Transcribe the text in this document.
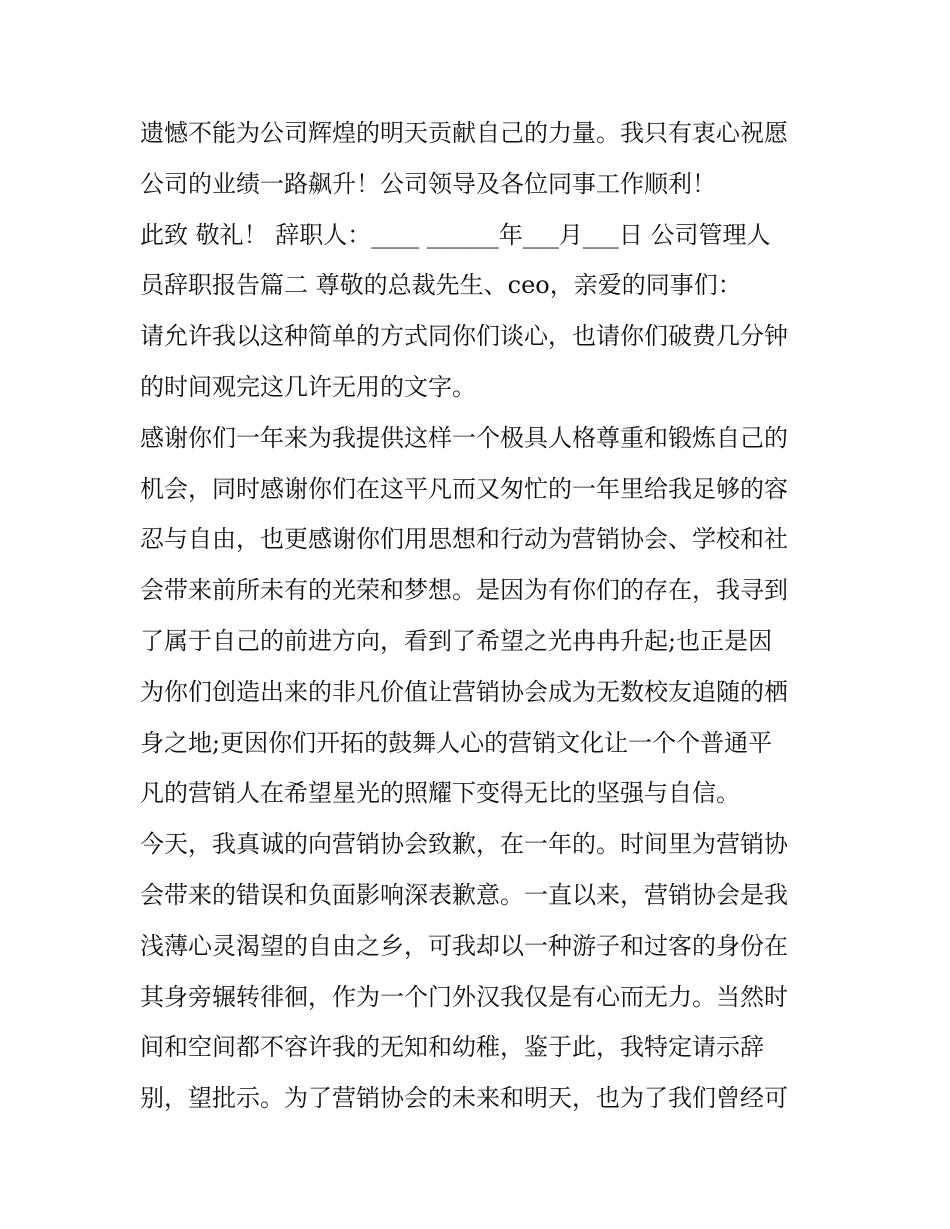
遗憾不能为公司辉煌的明天贡献自己的力量。我只有衷心祝愿
公司的业绩一路飙升！公司领导及各位同事工作顺利！
此致 敬礼！ 辞职人：____ ______年___月___日 公司管理人
员辞职报告篇二 尊敬的总裁先生、ceo，亲爱的同事们：
请允许我以这种简单的方式同你们谈心，也请你们破费几分钟
的时间观完这几许无用的文字。
感谢你们一年来为我提供这样一个极具人格尊重和锻炼自己的
机会，同时感谢你们在这平凡而又匆忙的一年里给我足够的容
忍与自由，也更感谢你们用思想和行动为营销协会、学校和社
会带来前所未有的光荣和梦想。是因为有你们的存在，我寻到
了属于自己的前进方向，看到了希望之光冉冉升起;也正是因
为你们创造出来的非凡价值让营销协会成为无数校友追随的栖
身之地;更因你们开拓的鼓舞人心的营销文化让一个个普通平
凡的营销人在希望星光的照耀下变得无比的坚强与自信。
今天，我真诚的向营销协会致歉，在一年的。时间里为营销协
会带来的错误和负面影响深表歉意。一直以来，营销协会是我
浅薄心灵渴望的自由之乡，可我却以一种游子和过客的身份在
其身旁辗转徘徊，作为一个门外汉我仅是有心而无力。当然时
间和空间都不容许我的无知和幼稚，鉴于此，我特定请示辞
别，望批示。为了营销协会的未来和明天，也为了我们曾经可
